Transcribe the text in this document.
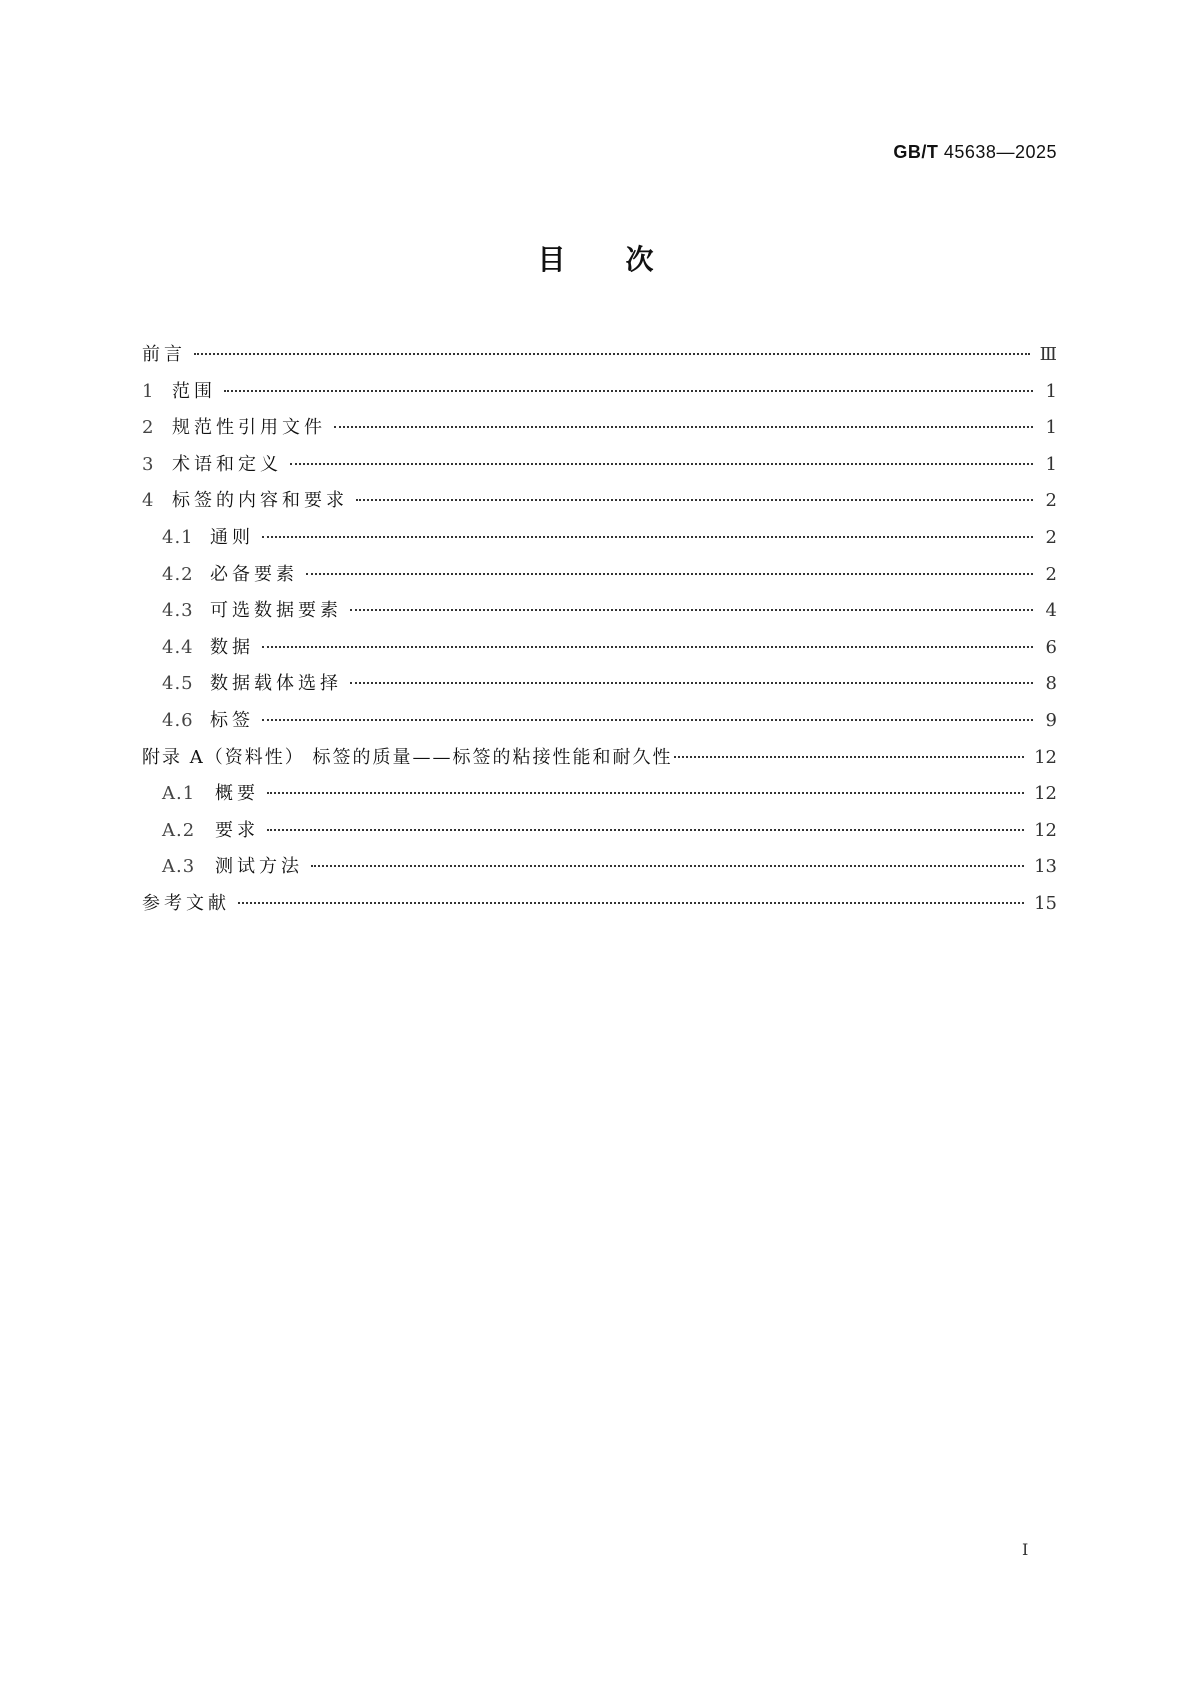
GB/T 45638—2025
目 次
前言	Ⅲ
1 范围	1
2 规范性引用文件	1
3 术语和定义	1
4 标签的内容和要求	2
4.1 通则	2
4.2 必备要素	2
4.3 可选数据要素	4
4.4 数据	6
4.5 数据载体选择	8
4.6 标签	9
附录 A（资料性） 标签的质量——标签的粘接性能和耐久性	12
A.1	概要	12
A.2	要求	12
A.3	测试方法	13
参考文献	15
I
